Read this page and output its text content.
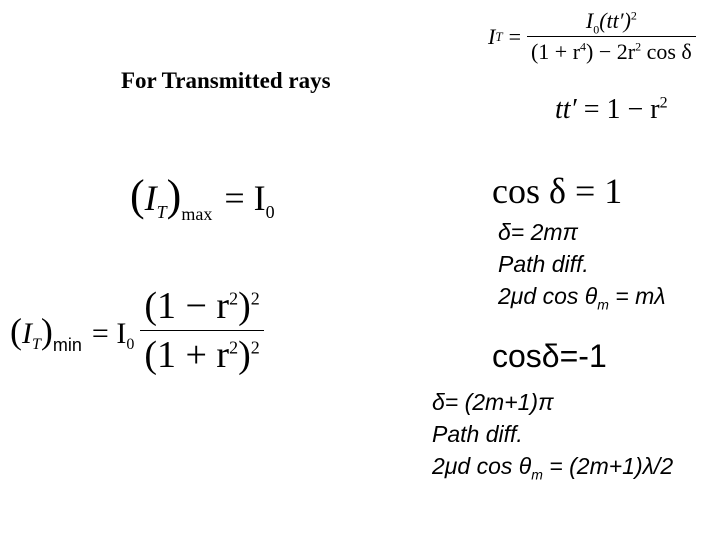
For Transmitted rays
I $T = \frac{I_0(tt')^2}{(1 + r^4) - 2r^2 \cos \delta}$
$tt' = 1 - r^2$
( $I_T$ )$_{max} = I_0$
cos δ = 1
δ= 2mπ
Path diff.
2μd $\cos \theta_m = m\lambda$
( $I_T$ )$_{min} = I_0 \frac{(1 - r^2)^2}{(1 + r^2)^2}$	cosδ=-1
δ= (2m+1)π
Path diff.
2μd $\cos \theta_m = (2m+1)\lambda/2$
